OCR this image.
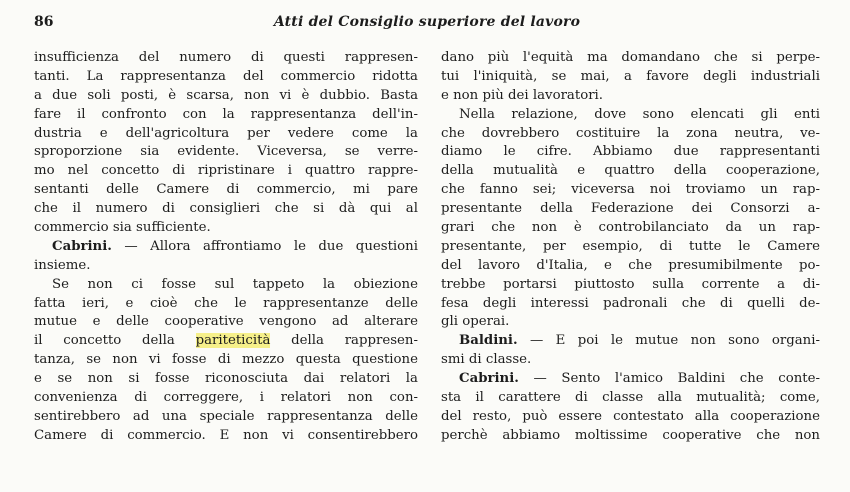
86	Atti del Consiglio superiore del lavoro
insufficienza del numero di questi rappresen-
tanti. La rappresentanza del commercio ridotta
a due soli posti, è scarsa, non vi è dubbio. Basta
fare il confronto con la rappresentanza dell'in-
dustria e dell'agricoltura per vedere come la
sproporzione sia evidente. Viceversa, se verre-
mo nel concetto di ripristinare i quattro rappre-
sentanti delle Camere di commercio, mi pare
che il numero di consiglieri che si dà qui al
commercio sia sufficiente.
Cabrini. — Allora affrontiamo le due questioni
insieme.
Se non ci fosse sul tappeto la obiezione
fatta ieri, e cioè che le rappresentanze delle
mutue e delle cooperative vengono ad alterare
il concetto della pariteticità della rappresen-
tanza, se non vi fosse di mezzo questa questione
e se non si fosse riconosciuta dai relatori la
convenienza di correggere, i relatori non con-
sentirebbero ad una speciale rappresentanza delle
Camere di commercio. E non vi consentirebbero
dano più l'equità ma domandano che si perpe-
tui l'iniquità, se mai, a favore degli industriali
e non più dei lavoratori.
Nella relazione, dove sono elencati gli enti
che dovrebbero costituire la zona neutra, ve-
diamo le cifre. Abbiamo due rappresentanti
della mutualità e quattro della cooperazione,
che fanno sei; viceversa noi troviamo un rap-
presentante della Federazione dei Consorzi a-
grari che non è controbilanciato da un rap-
presentante, per esempio, di tutte le Camere
del lavoro d'Italia, e che presumibilmente po-
trebbe portarsi piuttosto sulla corrente a di-
fesa degli interessi padronali che di quelli de-
gli operai.
Baldini. — E poi le mutue non sono organi-
smi di classe.
Cabrini. — Sento l'amico Baldini che conte-
sta il carattere di classe alla mutualità; come,
del resto, può essere contestato alla cooperazione
perchè abbiamo moltissime cooperative che non
